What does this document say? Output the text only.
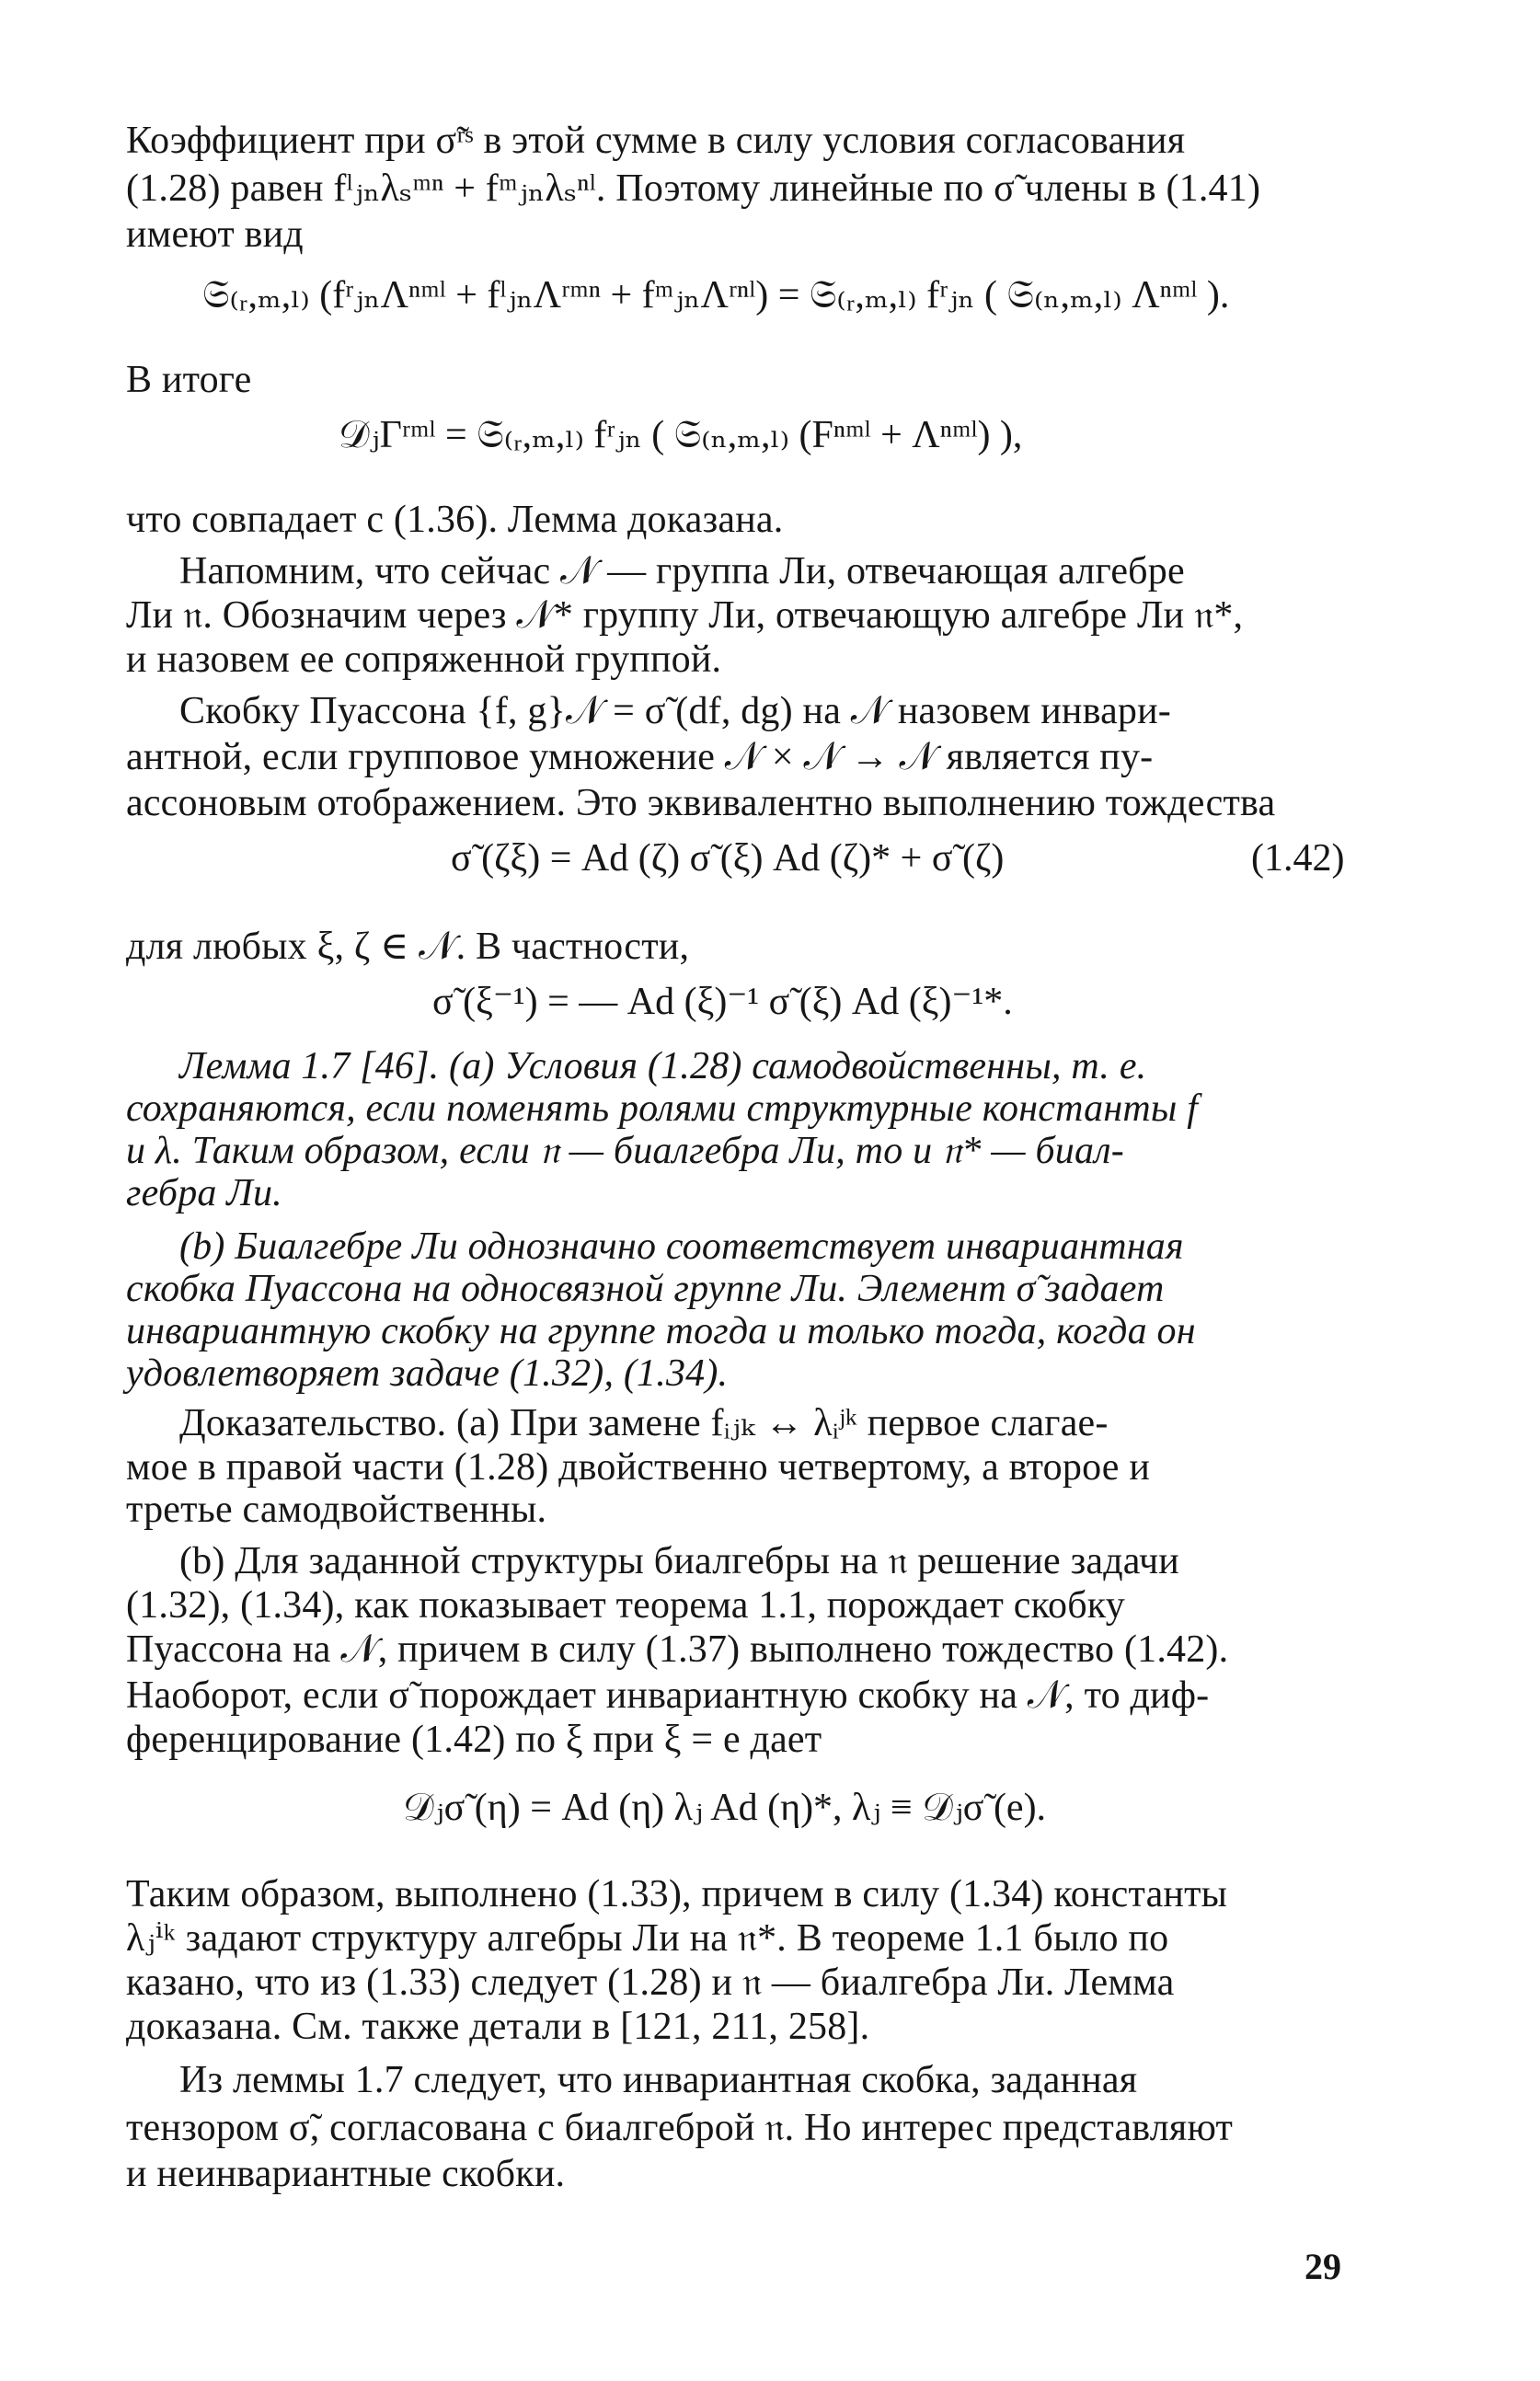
Коэффициент при σ̃ʳˢ в этой сумме в силу условия согласования
(1.28) равен fˡⱼₙλₛᵐⁿ + fᵐⱼₙλₛⁿˡ. Поэтому линейные по σ̃ члены в (1.41)
имеют вид
𝔖₍ᵣ,ₘ,ₗ₎ (fʳⱼₙΛⁿᵐˡ + fˡⱼₙΛʳᵐⁿ + fᵐⱼₙΛʳⁿˡ) = 𝔖₍ᵣ,ₘ,ₗ₎ fʳⱼₙ ( 𝔖₍ₙ,ₘ,ₗ₎ Λⁿᵐˡ ).
В итоге
𝒟ⱼΓʳᵐˡ = 𝔖₍ᵣ,ₘ,ₗ₎ fʳⱼₙ ( 𝔖₍ₙ,ₘ,ₗ₎ (Fⁿᵐˡ + Λⁿᵐˡ) ),
что совпадает с (1.36). Лемма доказана.
Напомним, что сейчас 𝒩 — группа Ли, отвечающая алгебре
Ли 𝔫. Обозначим через 𝒩* группу Ли, отвечающую алгебре Ли 𝔫*,
и назовем ее сопряженной группой.
Скобку Пуассона {f, g}𝒩 = σ̃ (df, dg) на 𝒩 назовем инвари-
антной, если групповое умножение 𝒩 × 𝒩 → 𝒩 является пу-
ассоновым отображением. Это эквивалентно выполнению тождества
σ̃ (ζξ) = Ad (ζ) σ̃ (ξ) Ad (ζ)* + σ̃ (ζ)	(1.42)
для любых ξ, ζ ∈ 𝒩. В частности,
σ̃ (ξ⁻¹) = — Ad (ξ)⁻¹ σ̃ (ξ) Ad (ξ)⁻¹*.
Лемма 1.7 [46]. (a) Условия (1.28) самодвойственны, т. е.
сохраняются, если поменять ролями структурные константы f
и λ. Таким образом, если 𝔫 — биалгебра Ли, то и 𝔫* — биал-
гебра Ли.
(b) Биалгебре Ли однозначно соответствует инвариантная
скобка Пуассона на односвязной группе Ли. Элемент σ̃ задает
инвариантную скобку на группе тогда и только тогда, когда он
удовлетворяет задаче (1.32), (1.34).
Доказательство. (a) При замене fᵢⱼₖ ↔ λᵢʲᵏ первое слагае-
мое в правой части (1.28) двойственно четвертому, а второе и
третье самодвойственны.
(b) Для заданной структуры биалгебры на 𝔫 решение задачи
(1.32), (1.34), как показывает теорема 1.1, порождает скобку
Пуассона на 𝒩, причем в силу (1.37) выполнено тождество (1.42).
Наоборот, если σ̃ порождает инвариантную скобку на 𝒩, то диф-
ференцирование (1.42) по ξ при ξ = e дает
𝒟ⱼσ̃ (η) = Ad (η) λⱼ Ad (η)*, λⱼ ≡ 𝒟ⱼσ̃ (e).
Таким образом, выполнено (1.33), причем в силу (1.34) константы
λⱼⁱᵏ задают структуру алгебры Ли на 𝔫*. В теореме 1.1 было по
казано, что из (1.33) следует (1.28) и 𝔫 — биалгебра Ли. Лемма
доказана. См. также детали в [121, 211, 258].
Из леммы 1.7 следует, что инвариантная скобка, заданная
тензором σ̃, согласована с биалгеброй 𝔫. Но интерес представляют
и неинвариантные скобки.
29
